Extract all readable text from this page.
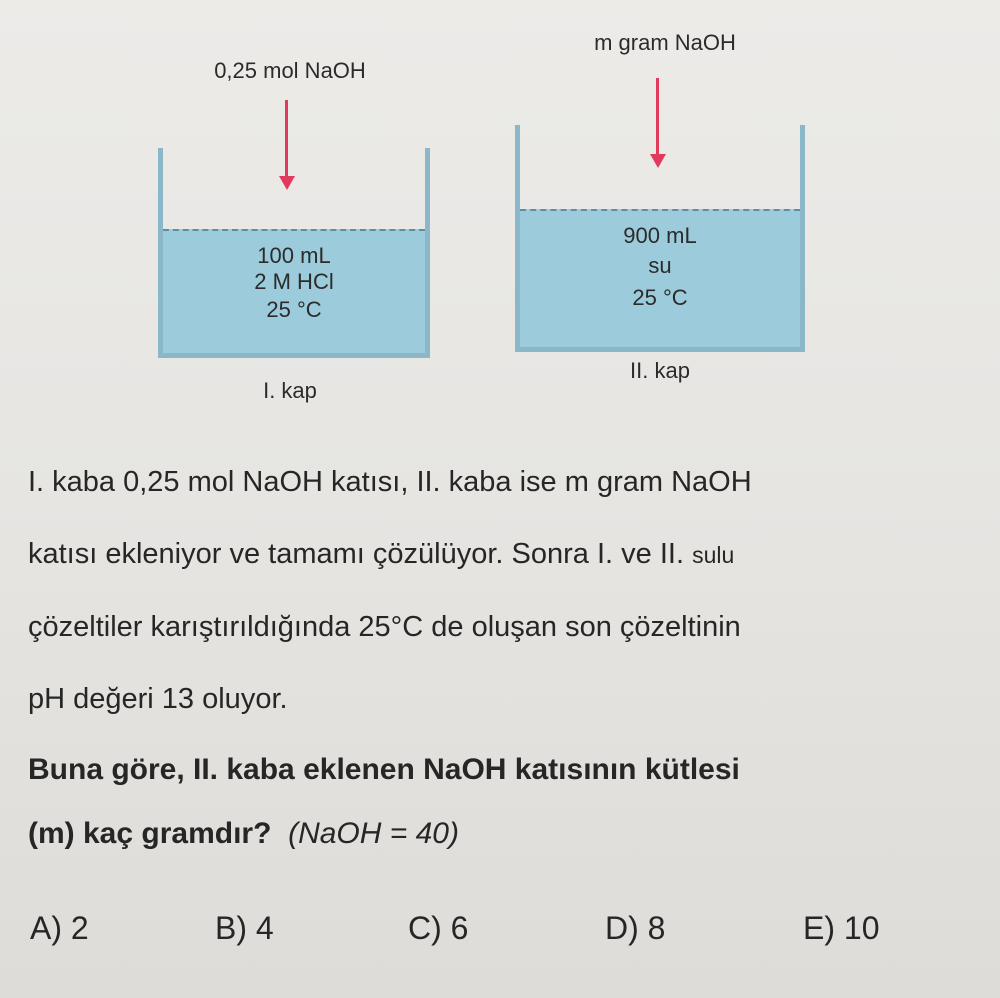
0,25 mol NaOH
100 mL
2 M HCl
25 °C
I. kap
m gram NaOH
900 mL
su
25 °C
II. kap
I. kaba 0,25 mol NaOH katısı, II. kaba ise m gram NaOH
katısı ekleniyor ve tamamı çözülüyor. Sonra I. ve II. sulu
çözeltiler karıştırıldığında 25°C de oluşan son çözeltinin
pH değeri 13 oluyor.
Buna göre, II. kaba eklenen NaOH katısının kütlesi
(m) kaç gramdır? (NaOH = 40)
A) 2	B) 4	C) 6	D) 8	E) 10
